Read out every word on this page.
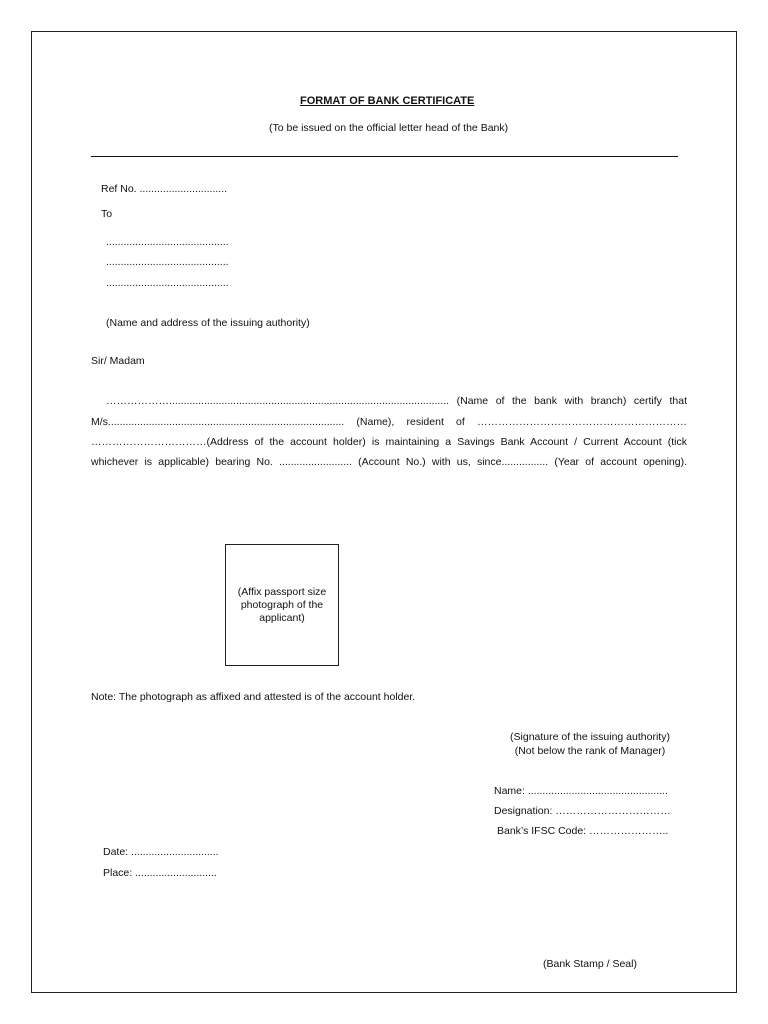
FORMAT OF BANK CERTIFICATE
(To be issued on the official letter head of the Bank)
Ref No. ..............................
To
..........................................
..........................................
..........................................
(Name and address of the issuing authority)
Sir/ Madam
………………................................................................................................ (Name of the bank with branch) certify that
M/s................................................................................. (Name), resident of ……………………………………………………
……………………………(Address of the account holder) is maintaining a Savings Bank Account / Current Account (tick
whichever is applicable) bearing No. ......................... (Account No.) with us, since................ (Year of account opening).
(Affix passport size
photograph of the
applicant)
Note: The photograph as affixed and attested is of the account holder.
(Signature of the issuing authority)
(Not below the rank of Manager)
Name: ................................................
Designation: ……………………………
Bank’s IFSC Code: …………………..
Date: ..............................
Place: ............................
(Bank Stamp / Seal)
